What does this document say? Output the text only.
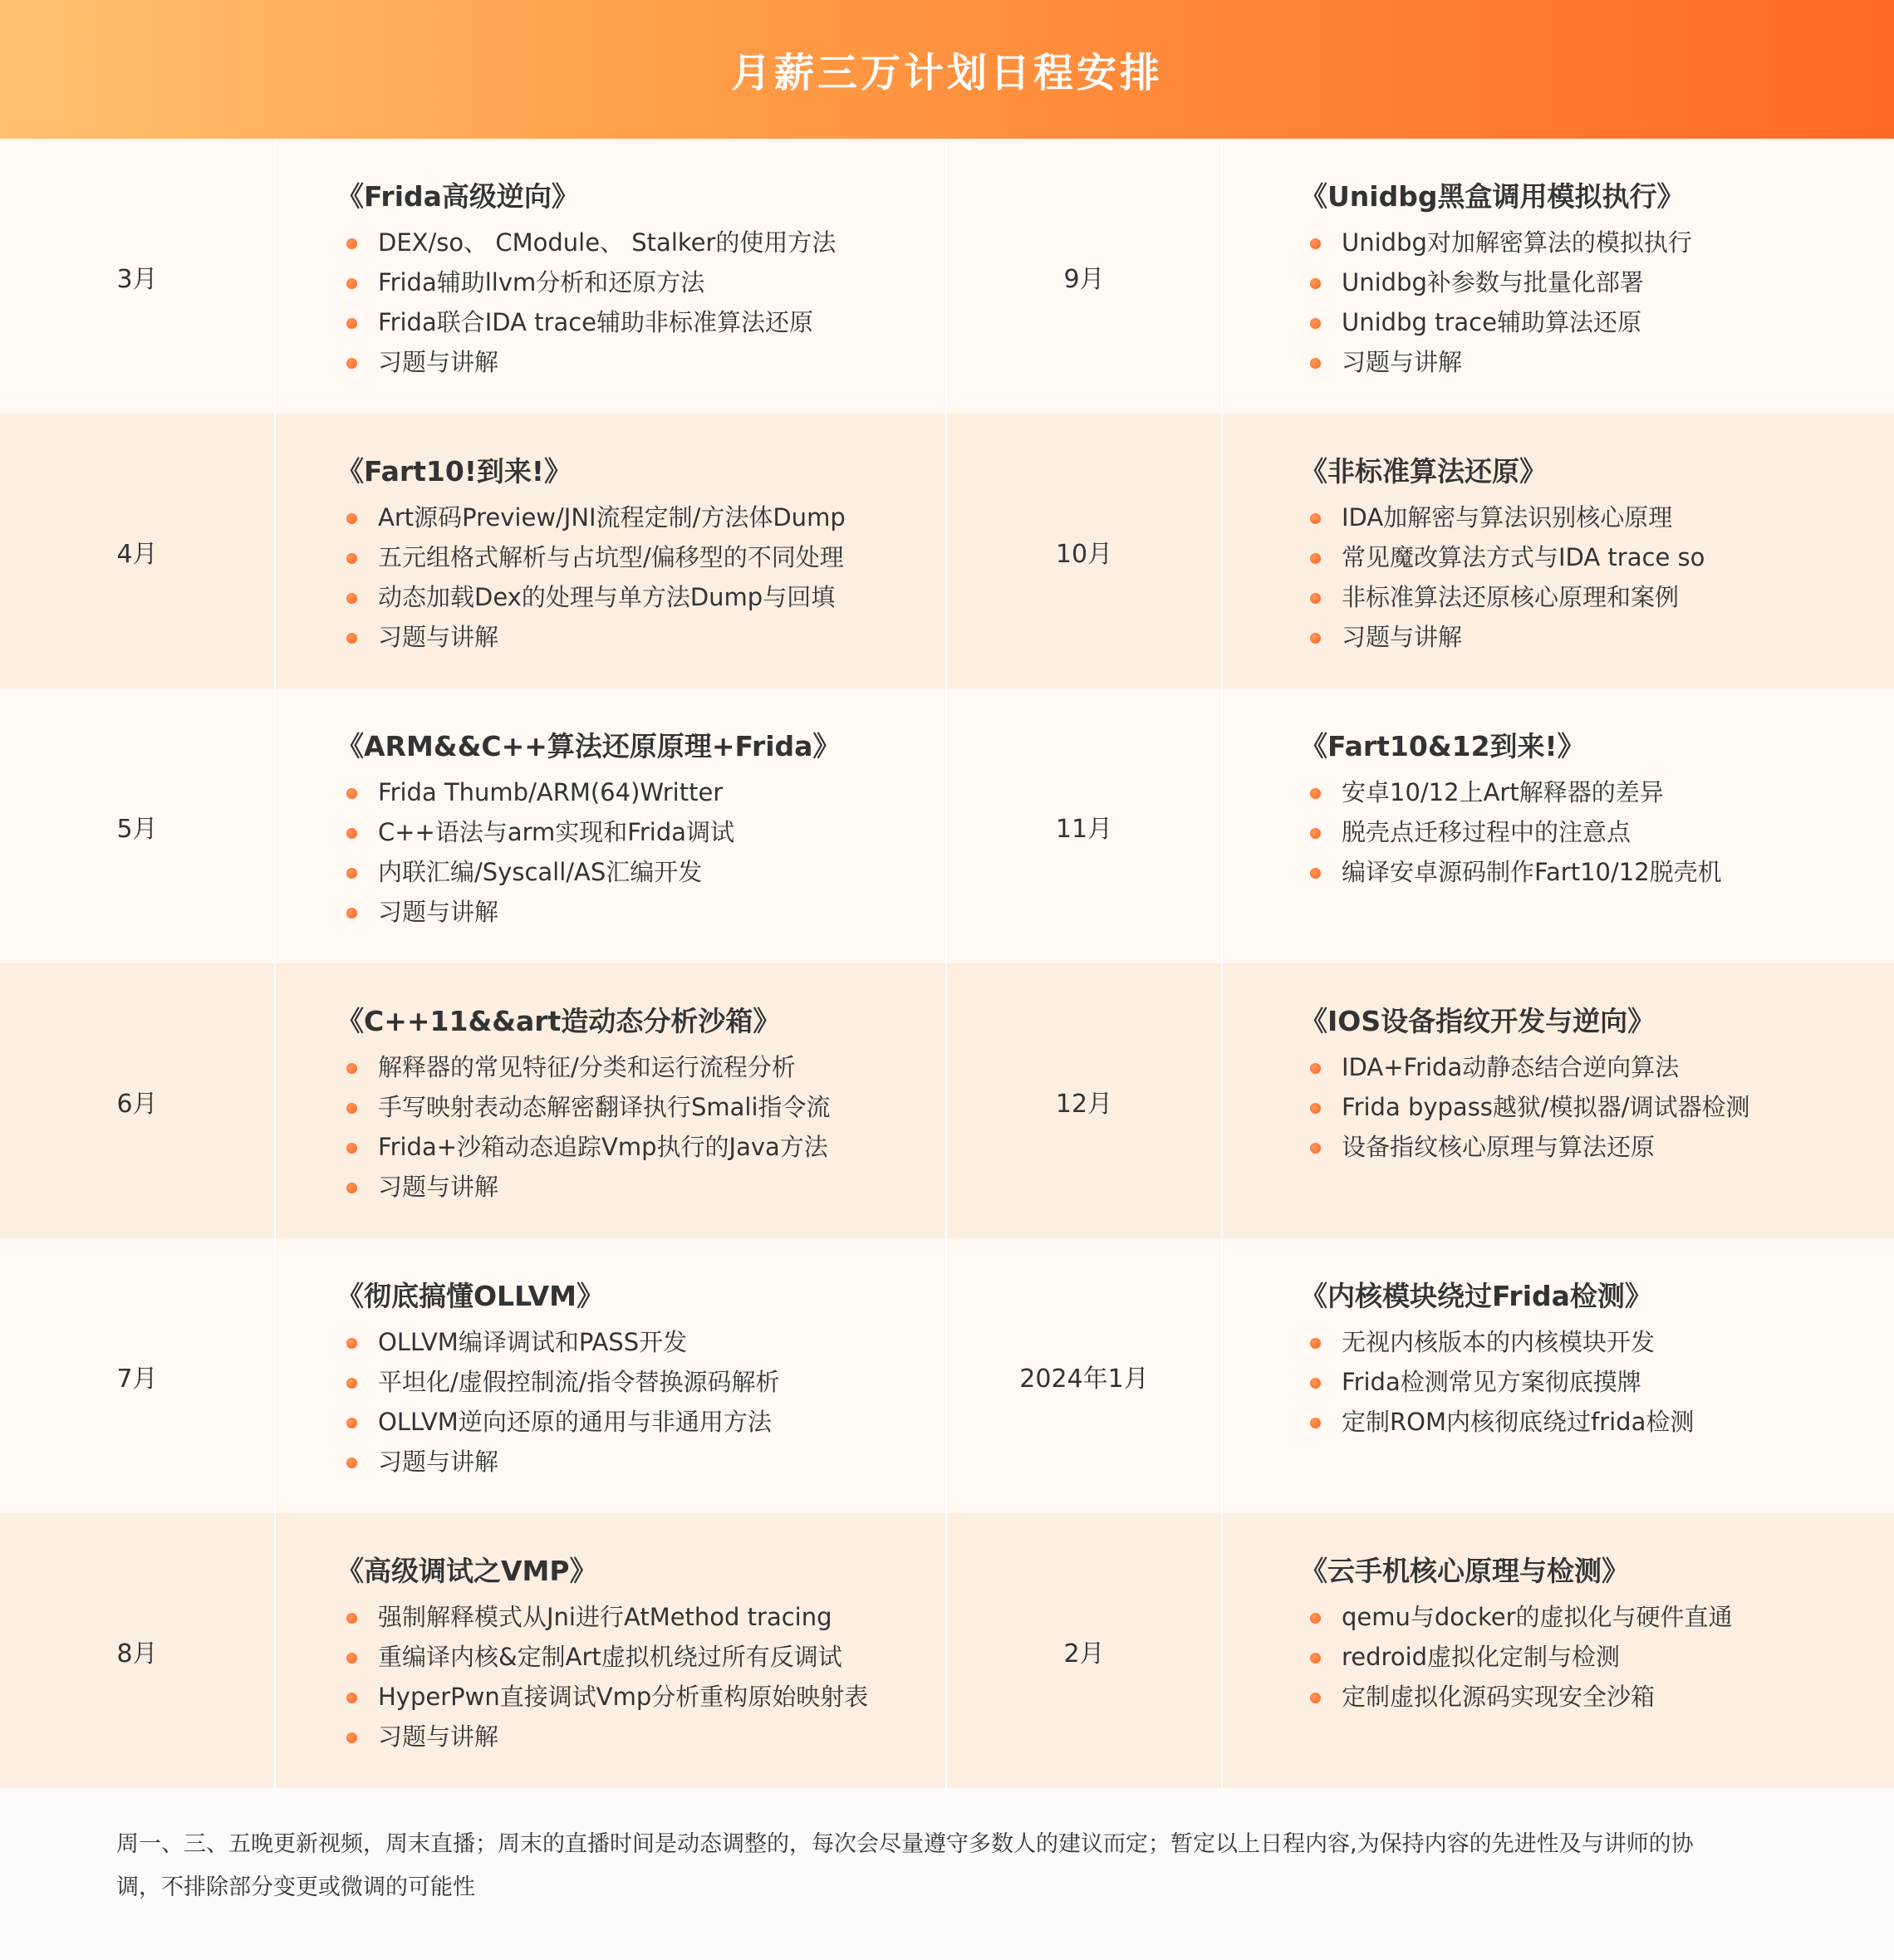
月薪三万计划日程安排
3月
《Frida高级逆向》
DEX/so、 CModule、 Stalker的使用方法
Frida辅助llvm分析和还原方法
Frida联合IDA trace辅助非标准算法还原
习题与讲解
9月
《Unidbg黑盒调用模拟执行》
Unidbg对加解密算法的模拟执行
Unidbg补参数与批量化部署
Unidbg trace辅助算法还原
习题与讲解
4月
《Fart10!到来!》
Art源码Preview/JNI流程定制/方法体Dump
五元组格式解析与占坑型/偏移型的不同处理
动态加载Dex的处理与单方法Dump与回填
习题与讲解
10月
《非标准算法还原》
IDA加解密与算法识别核心原理
常见魔改算法方式与IDA trace so
非标准算法还原核心原理和案例
习题与讲解
5月
《ARM&&C++算法还原原理+Frida》
Frida Thumb/ARM(64)Writter
C++语法与arm实现和Frida调试
内联汇编/Syscall/AS汇编开发
习题与讲解
11月
《Fart10&12到来!》
安卓10/12上Art解释器的差异
脱壳点迁移过程中的注意点
编译安卓源码制作Fart10/12脱壳机
6月
《C++11&&art造动态分析沙箱》
解释器的常见特征/分类和运行流程分析
手写映射表动态解密翻译执行Smali指令流
Frida+沙箱动态追踪Vmp执行的Java方法
习题与讲解
12月
《IOS设备指纹开发与逆向》
IDA+Frida动静态结合逆向算法
Frida bypass越狱/模拟器/调试器检测
设备指纹核心原理与算法还原
7月
《彻底搞懂OLLVM》
OLLVM编译调试和PASS开发
平坦化/虚假控制流/指令替换源码解析
OLLVM逆向还原的通用与非通用方法
习题与讲解
2024年1月
《内核模块绕过Frida检测》
无视内核版本的内核模块开发
Frida检测常见方案彻底摸牌
定制ROM内核彻底绕过frida检测
8月
《高级调试之VMP》
强制解释模式从Jni进行AtMethod tracing
重编译内核&定制Art虚拟机绕过所有反调试
HyperPwn直接调试Vmp分析重构原始映射表
习题与讲解
2月
《云手机核心原理与检测》
qemu与docker的虚拟化与硬件直通
redroid虚拟化定制与检测
定制虚拟化源码实现安全沙箱
周一、三、五晚更新视频，周末直播；周末的直播时间是动态调整的，每次会尽量遵守多数人的建议而定；暂定以上日程内容,为保持内容的先进性及与讲师的协
调，不排除部分变更或微调的可能性
